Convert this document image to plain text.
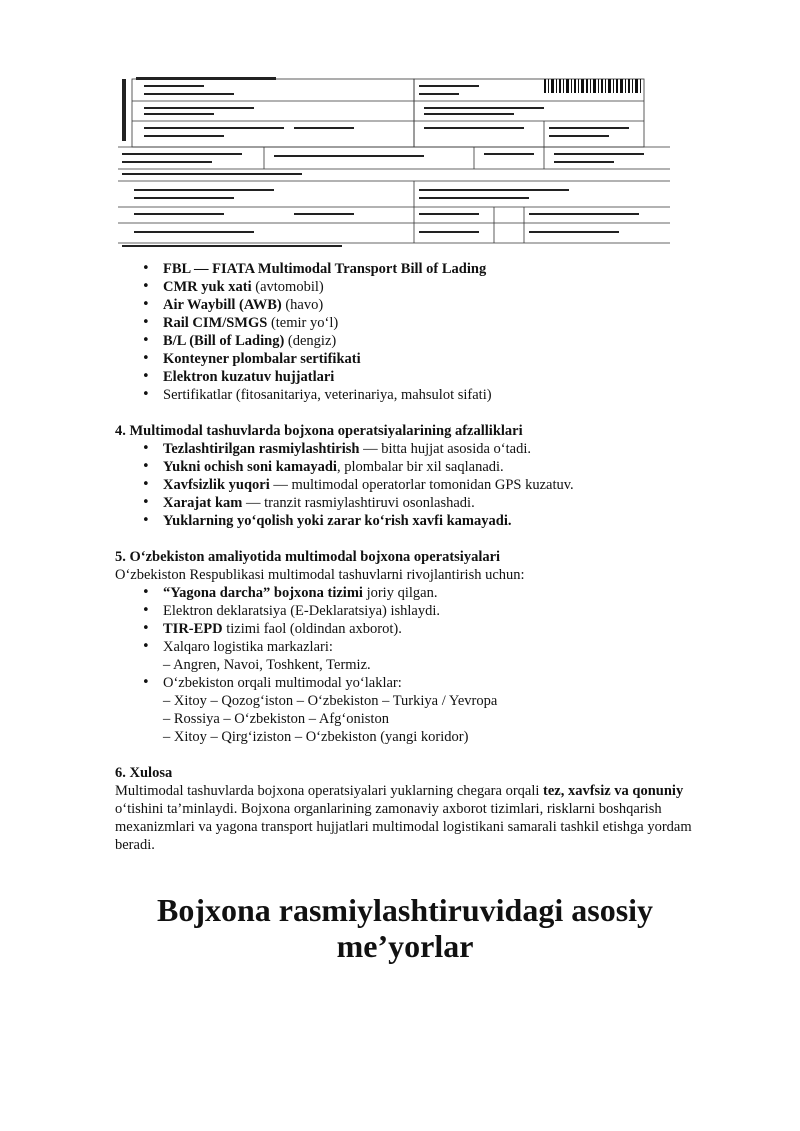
• FBL — FIATA Multimodal Transport Bill of Lading
• CMR yuk xati (avtomobil)
• Air Waybill (AWB) (havo)
• Rail CIM/SMGS (temir yo‘l)
• B/L (Bill of Lading) (dengiz)
• Konteyner plombalar sertifikati
• Elektron kuzatuv hujjatlari
• Sertifikatlar (fitosanitariya, veterinariya, mahsulot sifati)

4. Multimodal tashuvlarda bojxona operatsiyalarining afzalliklari

• Tezlashtirilgan rasmiylashtirish — bitta hujjat asosida o‘tadi.
• Yukni ochish soni kamayadi, plombalar bir xil saqlanadi.
• Xavfsizlik yuqori — multimodal operatorlar tomonidan GPS kuzatuv.
• Xarajat kam — tranzit rasmiylashtiruvi osonlashadi.
• Yuklarning yo‘qolish yoki zarar ko‘rish xavfi kamayadi.

5. O‘zbekiston amaliyotida multimodal bojxona operatsiyalari

O‘zbekiston Respublikasi multimodal tashuvlarni rivojlantirish uchun:

• “Yagona darcha” bojxona tizimi joriy qilgan.
• Elektron deklaratsiya (E-Deklaratsiya) ishlaydi.
• TIR-EPD tizimi faol (oldindan axborot).
• Xalqaro logistika markazlari:
– Angren, Navoi, Toshkent, Termiz.
• O‘zbekiston orqali multimodal yo‘laklar:
– Xitoy – Qozog‘iston – O‘zbekiston – Turkiya / Yevropa
– Rossiya – O‘zbekiston – Afg‘oniston
– Xitoy – Qirg‘iziston – O‘zbekiston (yangi koridor)

6. Xulosa

Multimodal tashuvlarda bojxona operatsiyalari yuklarning chegara orqali tez, xavfsiz va qonuniy o‘tishini ta’minlaydi. Bojxona organlarining zamonaviy axborot tizimlari, risklarni boshqarish mexanizmlari va yagona transport hujjatlari multimodal logistikani samarali tashkil etishga yordam beradi.

Bojxona rasmiylashtiruvidagi asosiy me’yorlar
